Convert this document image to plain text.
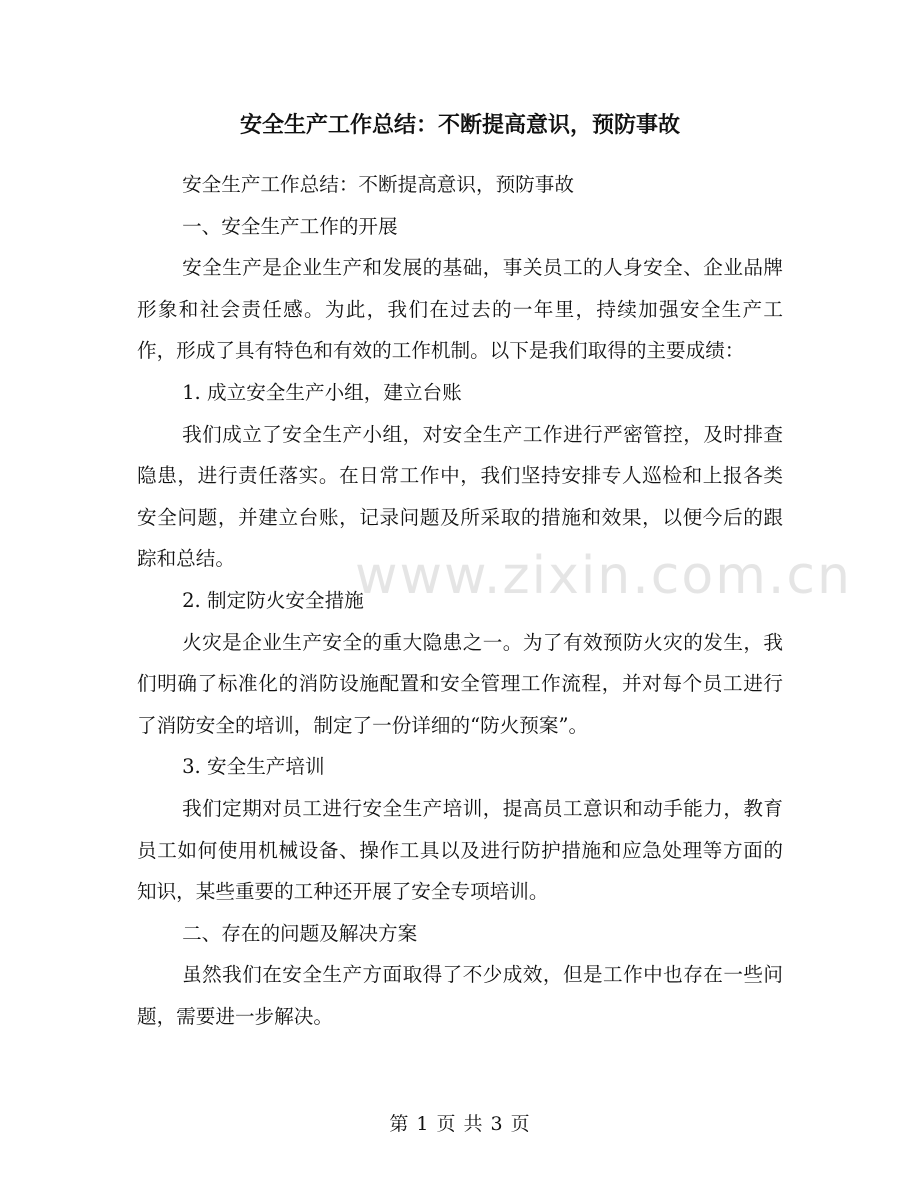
安全生产工作总结：不断提高意识，预防事故

安全生产工作总结：不断提高意识，预防事故

一、安全生产工作的开展

安全生产是企业生产和发展的基础，事关员工的人身安全、企业品牌形象和社会责任感。为此，我们在过去的一年里，持续加强安全生产工作，形成了具有特色和有效的工作机制。以下是我们取得的主要成绩：

1. 成立安全生产小组，建立台账

我们成立了安全生产小组，对安全生产工作进行严密管控，及时排查隐患，进行责任落实。在日常工作中，我们坚持安排专人巡检和上报各类安全问题，并建立台账，记录问题及所采取的措施和效果，以便今后的跟踪和总结。

2. 制定防火安全措施

火灾是企业生产安全的重大隐患之一。为了有效预防火灾的发生，我们明确了标准化的消防设施配置和安全管理工作流程，并对每个员工进行了消防安全的培训，制定了一份详细的“防火预案”。

3. 安全生产培训

我们定期对员工进行安全生产培训，提高员工意识和动手能力，教育员工如何使用机械设备、操作工具以及进行防护措施和应急处理等方面的知识，某些重要的工种还开展了安全专项培训。

二、存在的问题及解决方案

虽然我们在安全生产方面取得了不少成效，但是工作中也存在一些问题，需要进一步解决。

www.zixin.com.cn
第 1 页 共 3 页
